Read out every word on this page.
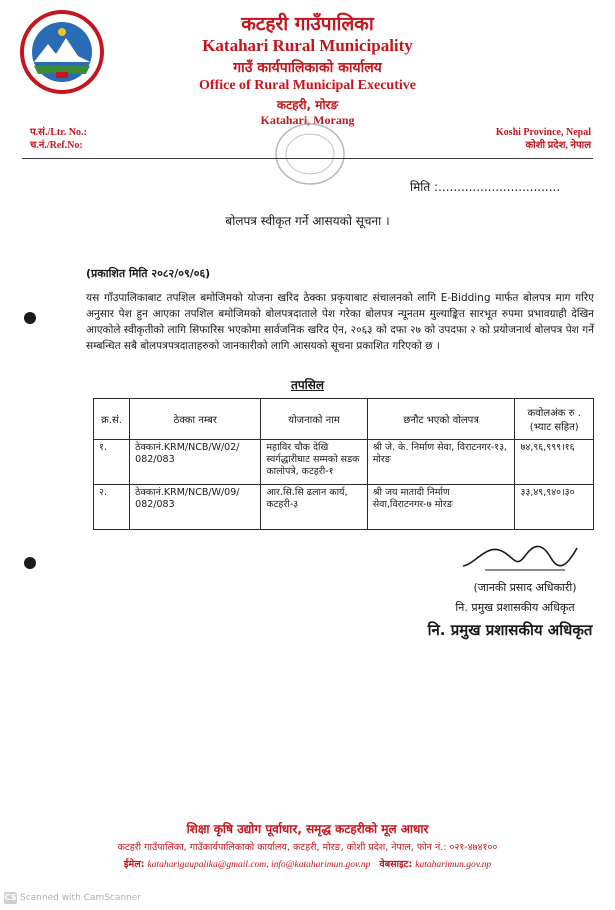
कटहरी गाउँपालिका
Katahari Rural Municipality
गाउँ कार्यपालिकाको कार्यालय
Office of Rural Municipal Executive
कटहरी, मोरङ
Katahari, Morang
प.सं./Ltr. No.:
च.नं./Ref.No:
Koshi Province, Nepal
कोशी प्रदेश, नेपाल
मिति :................................
बोलपत्र स्वीकृत गर्ने आसयको सूचना ।
(प्रकाशित मिति २०८२/०९/०६)
यस गाँउपालिकाबाट तपशिल बमोजिमको योजना खरिद ठेक्का प्रकृयाबाट संचालनको लागि E-Bidding मार्फत बोलपत्र माग गरिए अनुसार पेश हुन आएका तपशिल बमोजिमको बोलपत्रदाताले पेश गरेका बोलपत्र न्यूनतम मुल्याङ्कित सारभूत रुपमा प्रभावग्राही देखिन आएकोले स्वीकृतीको लागि सिफारिस भएकोमा सार्वजनिक खरिद ऐन, २०६३ को दफा २७ को उपदफा २ को प्रयोजनार्थ बोलपत्र पेश गर्ने सम्बन्धित सबै बोलपत्रपत्रदाताहरुको जानकारीको लागि आसयको सूचना प्रकाशित गरिएको छ ।
तपसिल
क्र.सं.	ठेक्का नम्बर	योजनाको नाम	छनौट भएको वोलपत्र	कवोलअंक रु . (भ्याट सहित)
१.	ठेक्कानं.KRM/NCB/W/02/ 082/083	महाविर चौक देखि स्वर्गद्धारीघाट सम्मको सडक कालोपत्रे, कटहरी-१	श्री जे. के. निर्माण सेवा, विराटनगर-१३, मोरङ	७४,९६,९९९।१६
२.	ठेक्कानं.KRM/NCB/W/09/ 082/083	आर.सि.सि ढलान कार्य, कटहरी-३	श्री जय मातादी निर्माण सेवा,विराटनगर-७ मोरङ	३३,४९,९४०।३०
(जानकी प्रसाद अधिकारी)
नि. प्रमुख प्रशासकीय अधिकृत
नि. प्रमुख प्रशासकीय अधिकृत
शिक्षा कृषि उद्योग पूर्वाधार, समृद्ध कटहरीको मूल आधार
कटहरी गाउँपालिका, गाउँकार्यपालिकाको कार्यालय, कटहरी, मोरङ, कोशी प्रदेश, नेपाल, फोन नं.: ०२१-४७४१००
ईमेल: kataharigaupalika@gmail.com, info@kataharimun.gov.np वेबसाइट: kataharimun.gov.np
CS Scanned with CamScanner
